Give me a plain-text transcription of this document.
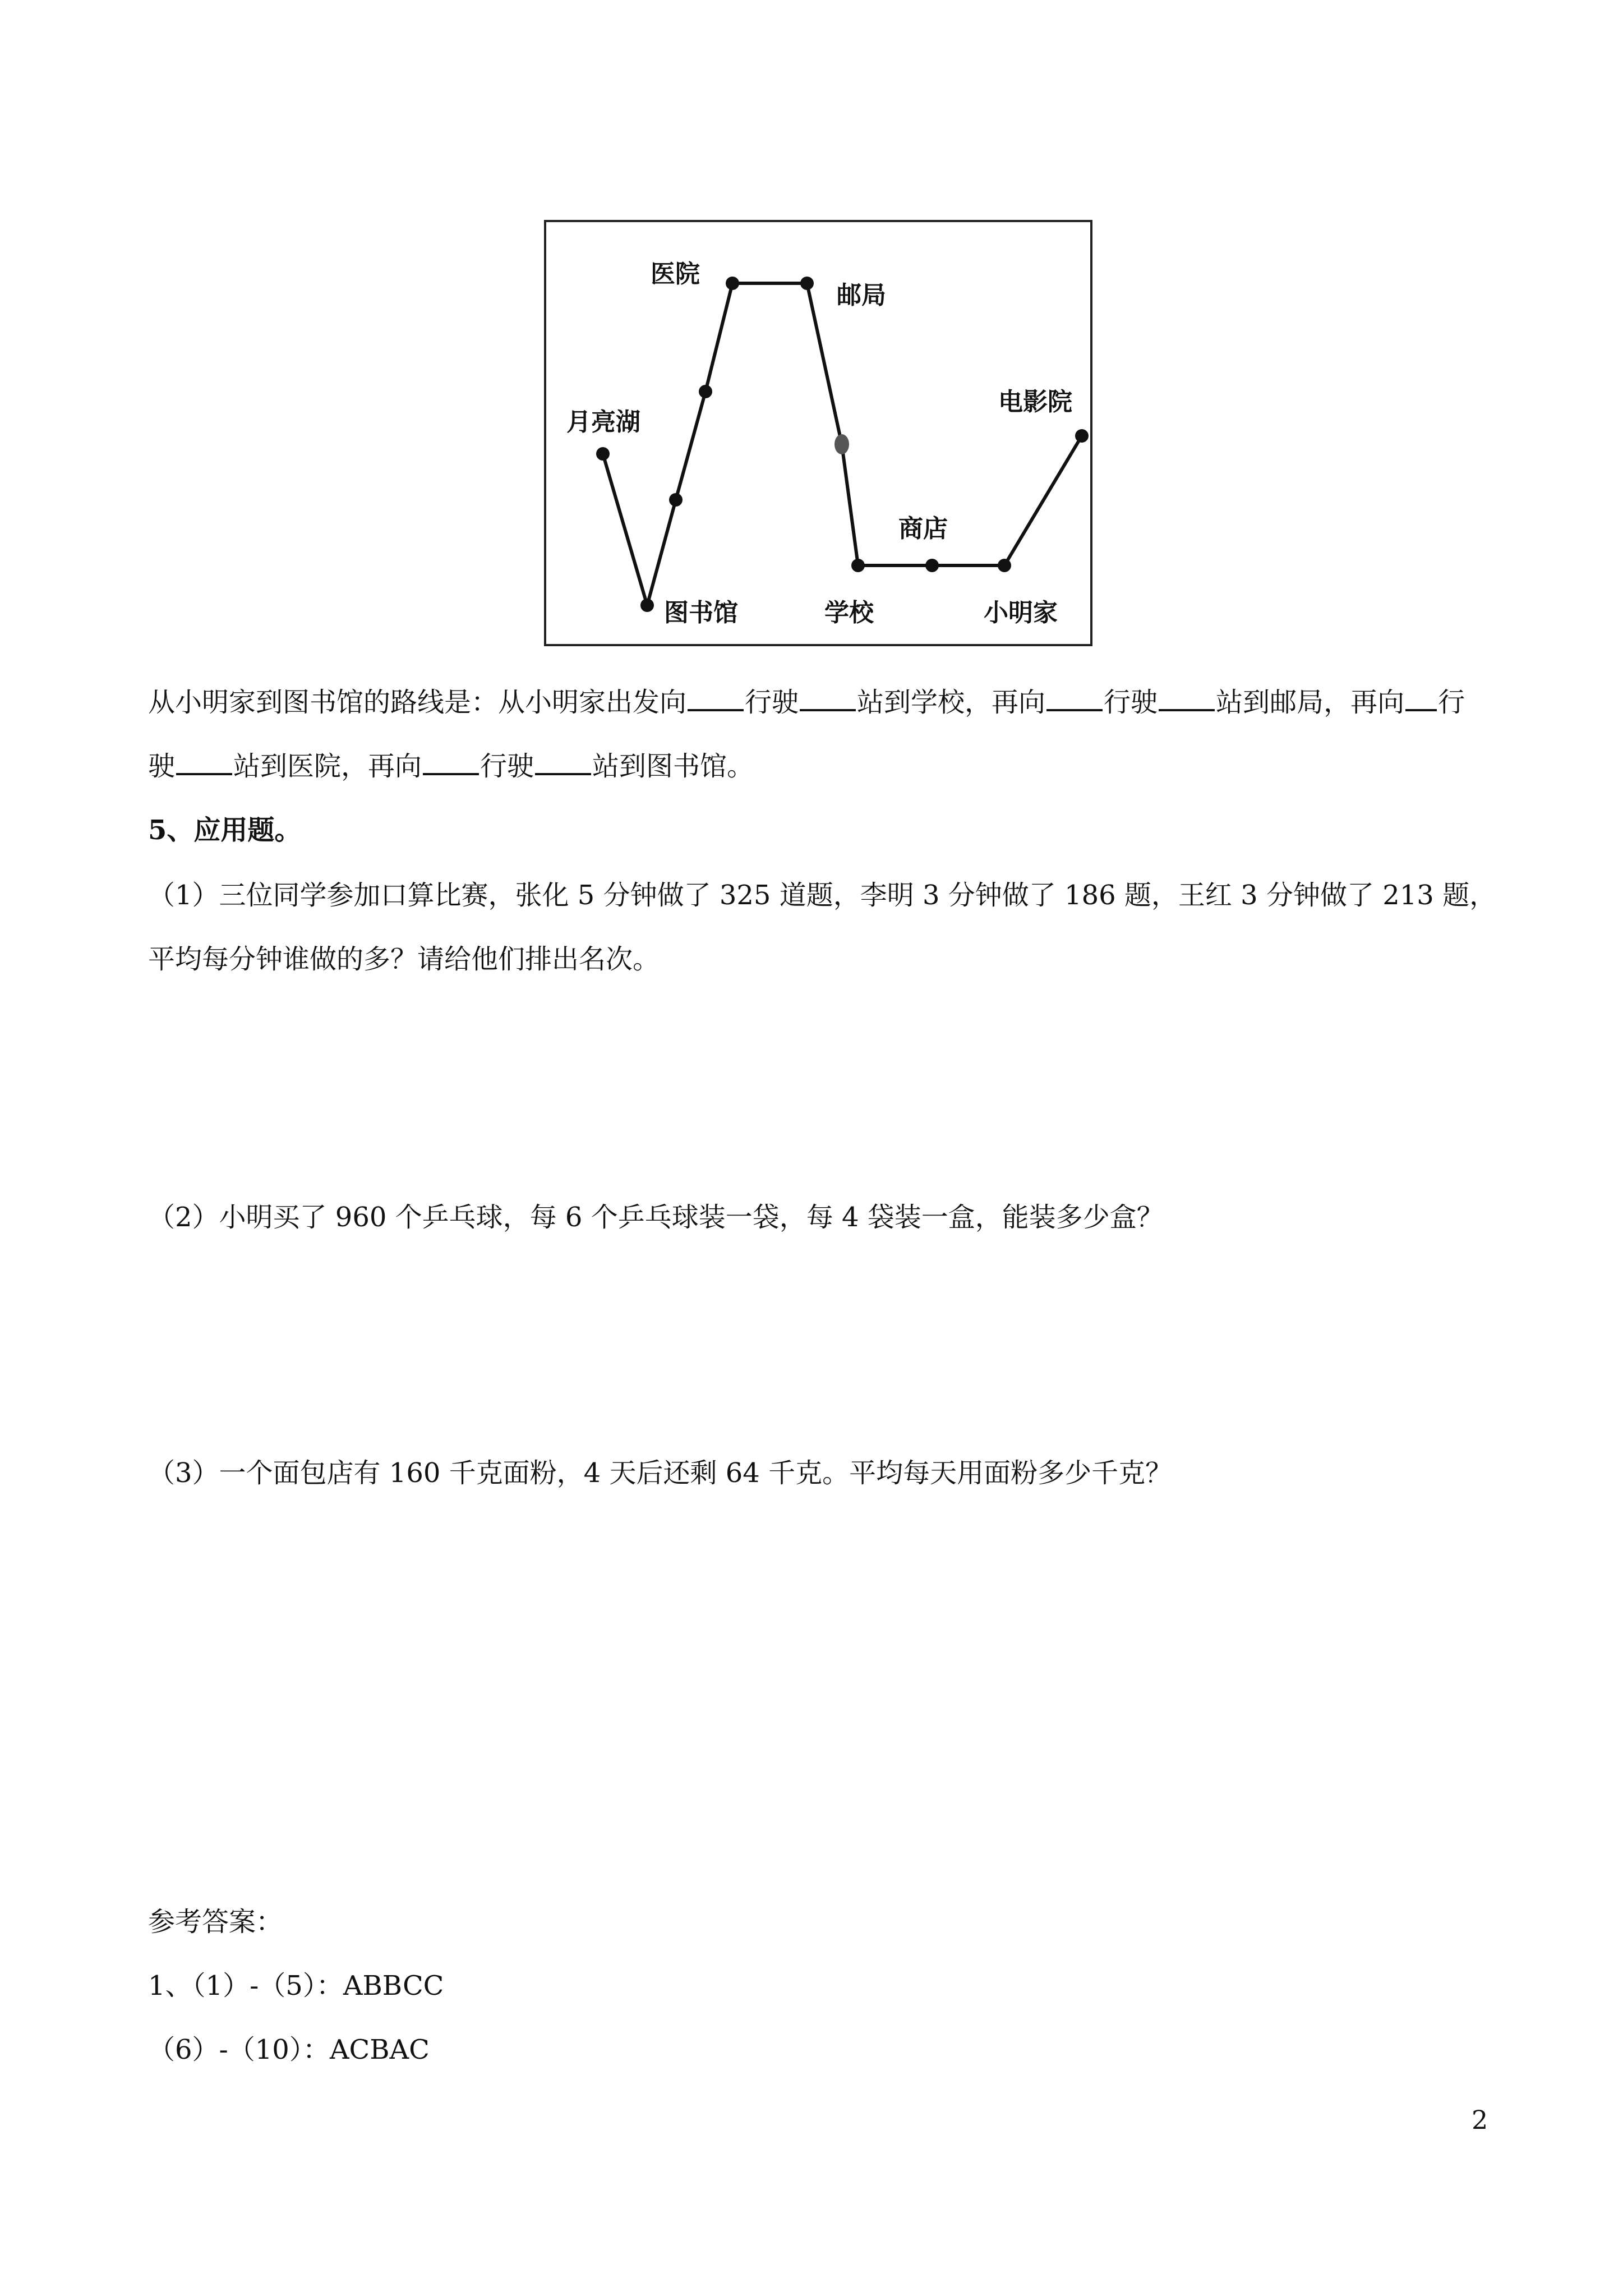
医院
邮局
电影院
月亮湖
商店
图书馆	学校	小明家
从小明家到图书馆的路线是：从小明家出发向 行驶 站到学校，再向 行驶 站到邮局，再向 行
驶 站到医院，再向 行驶 站到图书馆。
5、应用题。
（1）三位同学参加口算比赛，张化 5 分钟做了 325 道题，李明 3 分钟做了 186 题，王红 3 分钟做了 213 题，
平均每分钟谁做的多？请给他们排出名次。
（2）小明买了 960 个乒乓球，每 6 个乒乓球装一袋，每 4 袋装一盒，能装多少盒？
（3）一个面包店有 160 千克面粉，4 天后还剩 64 千克。平均每天用面粉多少千克？
参考答案：
1、（1）-（5）：ABBCC
（6）-（10）：ACBAC
2
